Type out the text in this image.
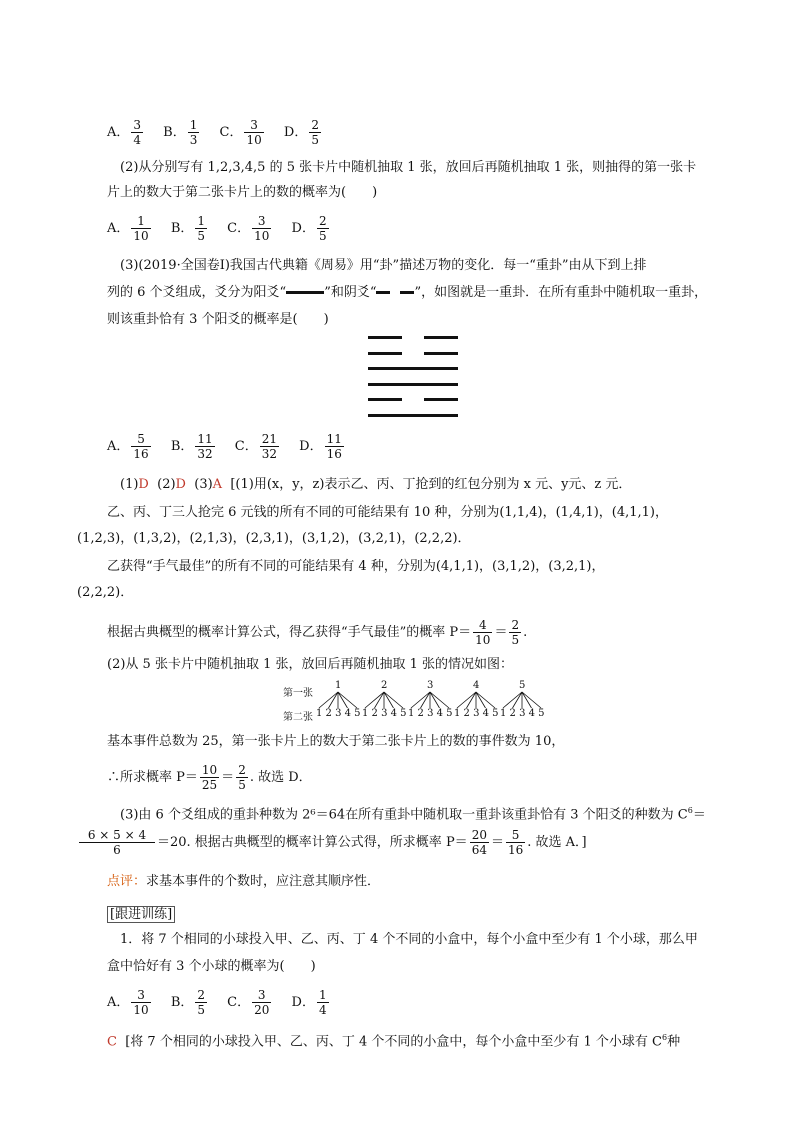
A． $\frac{3}{4}$ B． $\frac{1}{3}$ C． $\frac{3}{10}$ D． $\frac{2}{5}$
(2)从分别写有 1,2,3,4,5 的 5 张卡片中随机抽取 1 张，放回后再随机抽取 1 张，则抽得的第一张卡
片上的数大于第二张卡片上的数的概率为(　　)
A． $\frac{1}{10}$ B． $\frac{1}{5}$ C． $\frac{3}{10}$ D． $\frac{2}{5}$
(3)(2019·全国卷Ⅰ)我国古代典籍《周易》用“卦”描述万物的变化．每一“重卦”由从下到上排
列的 6 个爻组成，爻分为阳爻“	”和阴爻“	”，如图就是一重卦．在所有重卦中随机取一重卦，
则该重卦恰有 3 个阳爻的概率是(　　)
A． $\frac{5}{16}$ B． $\frac{11}{32}$ C． $\frac{21}{32}$ D． $\frac{11}{16}$
(1)D (2)D (3)A [(1)用(x，y，z)表示乙、丙、丁抢到的红包分别为 x 元、y元、z 元．
乙、丙、丁三人抢完 6 元钱的所有不同的可能结果有 10 种，分别为(1,1,4)，(1,4,1)，(4,1,1)，
(1,2,3)，(1,3,2)，(2,1,3)，(2,3,1)，(3,1,2)，(3,2,1)，(2,2,2)．
乙获得“手气最佳”的所有不同的可能结果有 4 种，分别为(4,1,1)，(3,1,2)，(3,2,1)，
(2,2,2)．
根据古典概型的概率计算公式，得乙获得“手气最佳”的概率 $P= \frac{4}{10} = \frac{2}{5}$ .
(2)从 5 张卡片中随机抽取 1 张，放回后再随机抽取 1 张的情况如图：
第一张
第二张
1
1 2 3 4 5
2
1 2 3 4 5
3
1 2 3 4 5
4
1 2 3 4 5
5
1 2 3 4 5
基本事件总数为 25，第一张卡片上的数大于第二张卡片上的数的事件数为 10，
∴所求概率 $P= \frac{10}{25} = \frac{2}{5}$ . 故选 D．
(3)由 6 个爻组成的重卦种数为 2⁶＝64在所有重卦中随机取一重卦该重卦恰有 3 个阳爻的种数为 $C^6=$
$\frac{6 \times 5 \times 4}{6} =20$. 根据古典概型的概率计算公式得，所求概率 $P= \frac{20}{64} = \frac{5}{16}$ . 故选 A．]
点评：求基本事件的个数时，应注意其顺序性．
[跟进训练]
1．将 7 个相同的小球投入甲、乙、丙、丁 4 个不同的小盒中，每个小盒中至少有 1 个小球，那么甲
盒中恰好有 3 个小球的概率为(　　)
A． $\frac{3}{10}$ B． $\frac{2}{5}$ C． $\frac{3}{20}$ D． $\frac{1}{4}$
C [将 7 个相同的小球投入甲、乙、丙、丁 4 个不同的小盒中，每个小盒中至少有 1 个小球有 $C^6$种
